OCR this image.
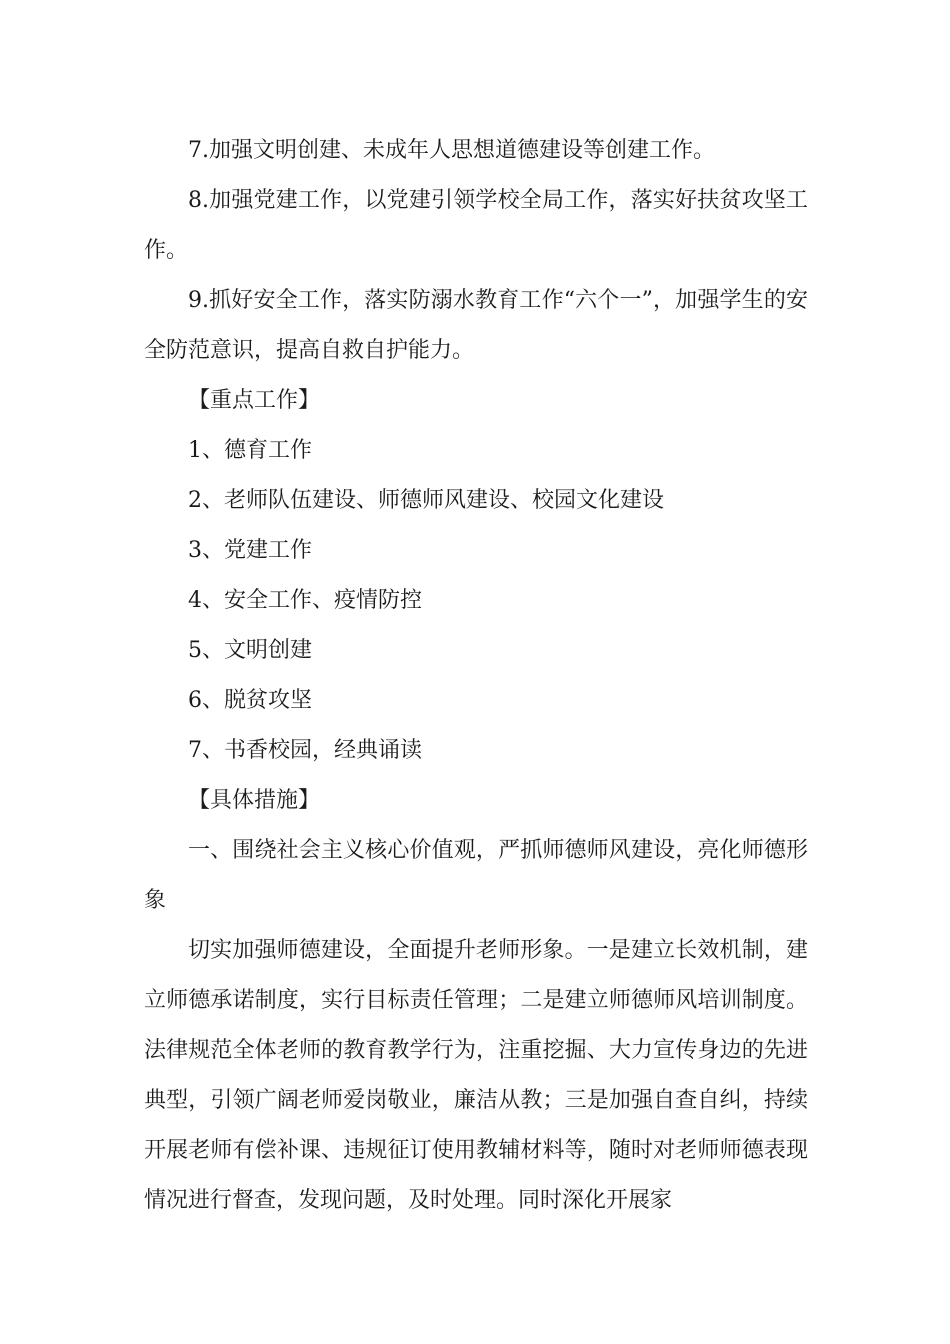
7.加强文明创建、未成年人思想道德建设等创建工作。

8.加强党建工作，以党建引领学校全局工作，落实好扶贫攻坚工作。

9.抓好安全工作，落实防溺水教育工作“六个一”，加强学生的安全防范意识，提高自救自护能力。

【重点工作】

1、德育工作

2、老师队伍建设、师德师风建设、校园文化建设

3、党建工作

4、安全工作、疫情防控

5、文明创建

6、脱贫攻坚

7、书香校园，经典诵读

【具体措施】

一、围绕社会主义核心价值观，严抓师德师风建设，亮化师德形象

切实加强师德建设，全面提升老师形象。一是建立长效机制，建立师德承诺制度，实行目标责任管理；二是建立师德师风培训制度。法律规范全体老师的教育教学行为，注重挖掘、大力宣传身边的先进典型，引领广阔老师爱岗敬业，廉洁从教；三是加强自查自纠，持续开展老师有偿补课、违规征订使用教辅材料等，随时对老师师德表现情况进行督查，发现问题，及时处理。同时深化开展家
